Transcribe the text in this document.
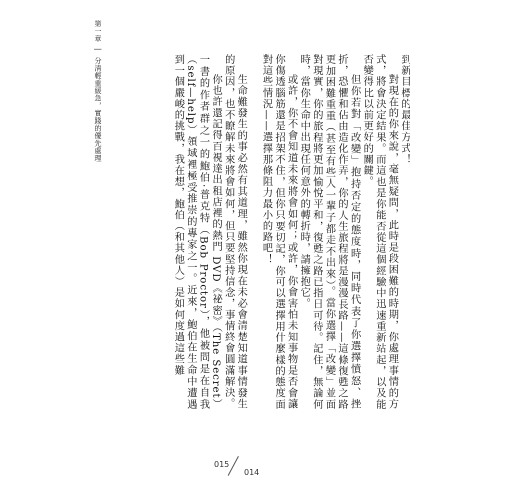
第一章 | 分清輕重緩急，實踐的優先處理	到新目標的最佳方式！

對現在的你來說，毫無疑問，此時是段困難的時期，你處理事情的方式，將會決定結果。而這也是你能否從這個經驗中迅速重新站起，以及能否變得比以前更好的關鍵。

但你若對「改變」抱持否定的態度時，同時代表了你選擇憤怒、挫折，恐懼和佔由造化作弄，你的人生旅程將是漫漫長路——這條復甦之路更加困難重重（甚至有些人一輩子都走不出來）。當你選擇「改變」並面對現實，你的旅程將更加愉悅平和，復甦之路已指日可待。記住，無論何時，當你生命中出現任何意外的轉折時，請擁抱它。

或許，你不會知道未來將會如何；或許，你會害怕未知事物是否會讓你傷透腦筋還是招架不住，但你只要切記，你可以選擇用什麼樣的態度面對這些情況——選擇那條阻力最小的路吧！

生命難發生的事必然有其道理，雖然你現在未必會清楚知道事情發生的原因，也不瞭解未來將會如何，但只要堅持信念，事情終會圓滿解決。

你也許還記得百視達出租店裡的熱門 DVD《祕密》（The Secret）一書的作者群之一的鮑伯·普克特（Bob Proctor），他被問是在自我（self—help）領域裡極受推崇的專家之一。近來，鮑伯在生命中遭遇到一個嚴峻的挑戰，我在想，鮑伯（和其他人）是如何度過這些難

015
014
